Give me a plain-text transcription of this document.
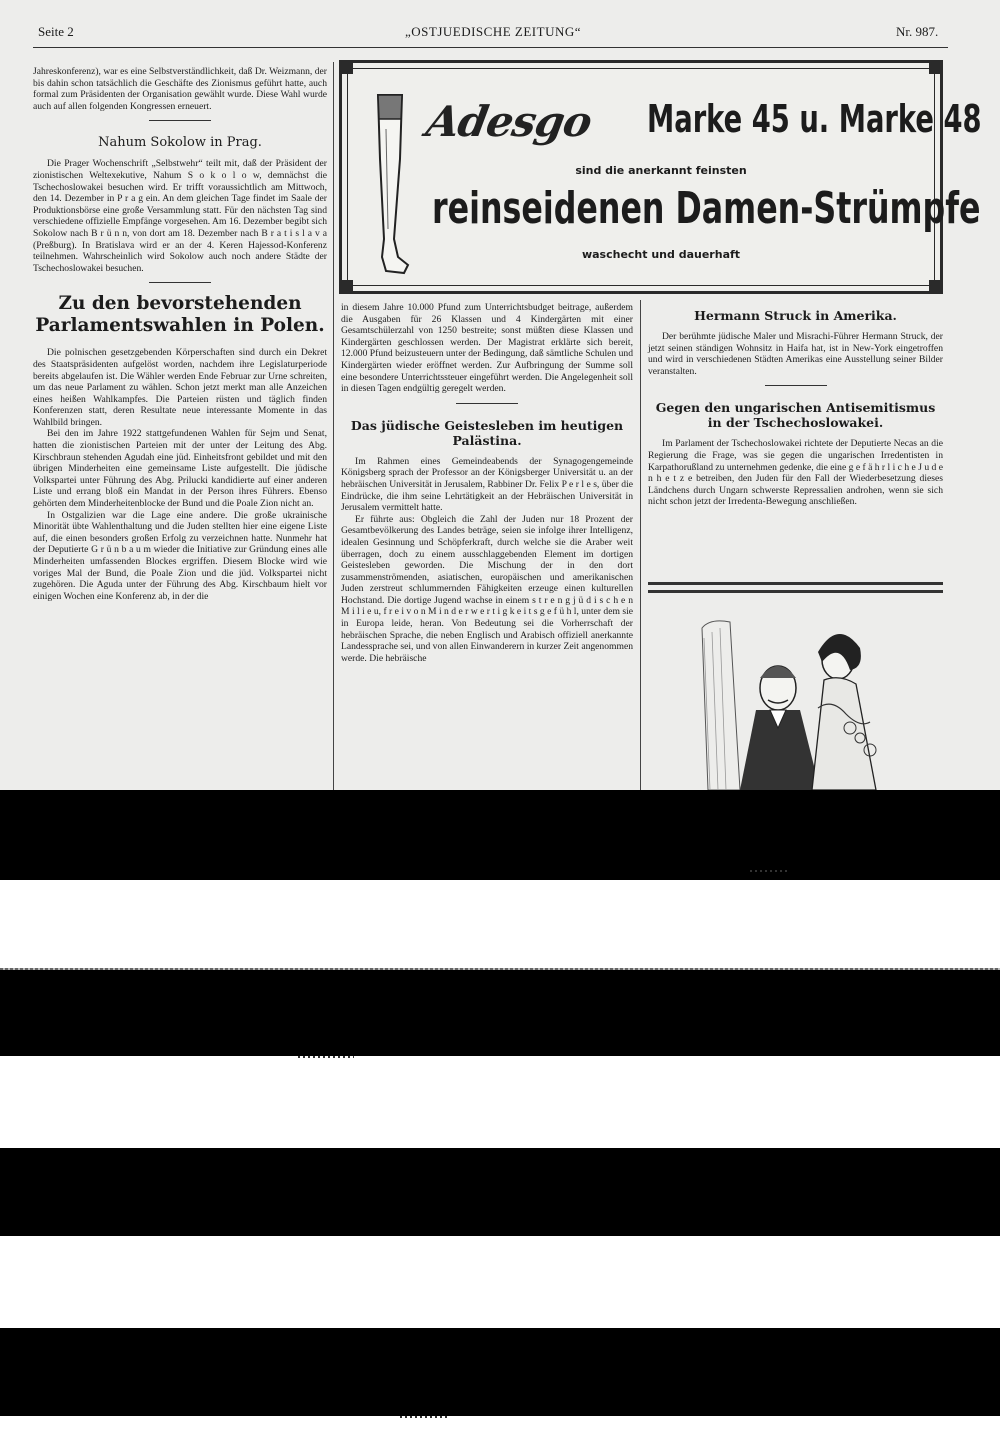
Seite 2	„OSTJUEDISCHE ZEITUNG“	Nr. 987.

Jahreskonferenz), war es eine Selbstverständlichkeit, daß Dr. Weizmann, der bis dahin schon tatsächlich die Geschäfte des Zionismus geführt hatte, auch formal zum Präsidenten der Organisation gewählt wurde. Diese Wahl wurde auch auf allen folgenden Kongressen erneuert.

Nahum Sokolow in Prag.

Die Prager Wochenschrift „Selbstwehr“ teilt mit, daß der Präsident der zionistischen Weltexekutive, Nahum S o k o l o w, demnächst die Tschechoslowakei besuchen wird. Er trifft voraussichtlich am Mittwoch, den 14. Dezember in P r a g ein. An dem gleichen Tage findet im Saale der Produktionsbörse eine große Versammlung statt. Für den nächsten Tag sind verschiedene offizielle Empfänge vorgesehen. Am 16. Dezember begibt sich Sokolow nach B r ü n n, von dort am 18. Dezember nach B r a t i s l a v a (Preßburg). In Bratislava wird er an der 4. Keren Hajessod-Konferenz teilnehmen. Wahrscheinlich wird Sokolow auch noch andere Städte der Tschechoslowakei besuchen.

Zu den bevorstehenden Parlamentswahlen in Polen.

Die polnischen gesetzgebenden Körperschaften sind durch ein Dekret des Staatspräsidenten aufgelöst worden, nachdem ihre Legislaturperiode bereits abgelaufen ist. Die Wähler werden Ende Februar zur Urne schreiten, um das neue Parlament zu wählen. Schon jetzt merkt man alle Anzeichen eines heißen Wahlkampfes. Die Parteien rüsten und täglich finden Konferenzen statt, deren Resultate neue interessante Momente in das Wahlbild bringen.

Bei den im Jahre 1922 stattgefundenen Wahlen für Sejm und Senat, hatten die zionistischen Parteien mit der unter der Leitung des Abg. Kirschbraun stehenden Agudah eine jüd. Einheitsfront gebildet und mit den übrigen Minderheiten eine gemeinsame Liste aufgestellt. Die jüdische Volkspartei unter Führung des Abg. Prilucki kandidierte auf einer anderen Liste und errang bloß ein Mandat in der Person ihres Führers. Ebenso gehörten dem Minderheitenblocke der Bund und die Poale Zion nicht an.

In Ostgalizien war die Lage eine andere. Die große ukrainische Minorität übte Wahlenthaltung und die Juden stellten hier eine eigene Liste auf, die einen besonders großen Erfolg zu verzeichnen hatte. Nunmehr hat der Deputierte G r ü n b a u m wieder die Initiative zur Gründung eines alle Minderheiten umfassenden Blockes ergriffen. Diesem Blocke wird wie voriges Mal der Bund, die Poale Zion und die jüd. Volkspartei nicht zugehören. Die Aguda unter der Führung des Abg. Kirschbaum hielt vor einigen Wochen eine Konferenz ab, in der die

Adesgo Marke 45 u. Marke 48
sind die anerkannt feinsten
reinseidenen Damen-Strümpfe
waschecht und dauerhaft

in diesem Jahre 10.000 Pfund zum Unterrichtsbudget beitrage, außerdem die Ausgaben für 26 Klassen und 4 Kindergärten mit einer Gesamtschülerzahl von 1250 bestreite; sonst müßten diese Klassen und Kindergärten geschlossen werden. Der Magistrat erklärte sich bereit, 12.000 Pfund beizusteuern unter der Bedingung, daß sämtliche Schulen und Kindergärten wieder eröffnet werden. Zur Aufbringung der Summe soll eine besondere Unterrichtssteuer eingeführt werden. Die Angelegenheit soll in diesen Tagen endgültig geregelt werden.

Das jüdische Geistesleben im heutigen Palästina.

Im Rahmen eines Gemeindeabends der Synagogengemeinde Königsberg sprach der Professor an der Königsberger Universität u. an der hebräischen Universität in Jerusalem, Rabbiner Dr. Felix P e r l e s, über die Eindrücke, die ihm seine Lehrtätigkeit an der Hebräischen Universität in Jerusalem vermittelt hatte.

Er führte aus: Obgleich die Zahl der Juden nur 18 Prozent der Gesamtbevölkerung des Landes beträge, seien sie infolge ihrer Intelligenz, idealen Gesinnung und Schöpferkraft, durch welche sie die Araber weit überragen, doch zu einem ausschlaggebenden Element im dortigen Geistesleben geworden. Die Mischung der in den dort zusammenströmenden, asiatischen, europäischen und amerikanischen Juden zerstreut schlummernden Fähigkeiten erzeuge einen kulturellen Hochstand. Die dortige Jugend wachse in einem s t r e n g j ü d i s c h e n M i l i e u, f r e i v o n M i n d e r w e r t i g k e i t s g e f ü h l, unter dem sie in Europa leide, heran. Von Bedeutung sei die Vorherrschaft der hebräischen Sprache, die neben Englisch und Arabisch offiziell anerkannte Landessprache sei, und von allen Einwanderern in kurzer Zeit angenommen werde. Die hebräische

Hermann Struck in Amerika.

Der berühmte jüdische Maler und Misrachi-Führer Hermann Struck, der jetzt seinen ständigen Wohnsitz in Haifa hat, ist in New-York eingetroffen und wird in verschiedenen Städten Amerikas eine Ausstellung seiner Bilder veranstalten.

Gegen den ungarischen Antisemitismus in der Tschechoslowakei.

Im Parlament der Tschechoslowakei richtete der Deputierte Necas an die Regierung die Frage, was sie gegen die ungarischen Irredentisten in Karpathorußland zu unternehmen gedenke, die eine g e f ä h r l i c h e J u d e n h e t z e betreiben, den Juden für den Fall der Wiederbesetzung dieses Ländchens durch Ungarn schwerste Repressalien androhen, wenn sie sich nicht schon jetzt der Irredenta-Bewegung anschließen.
